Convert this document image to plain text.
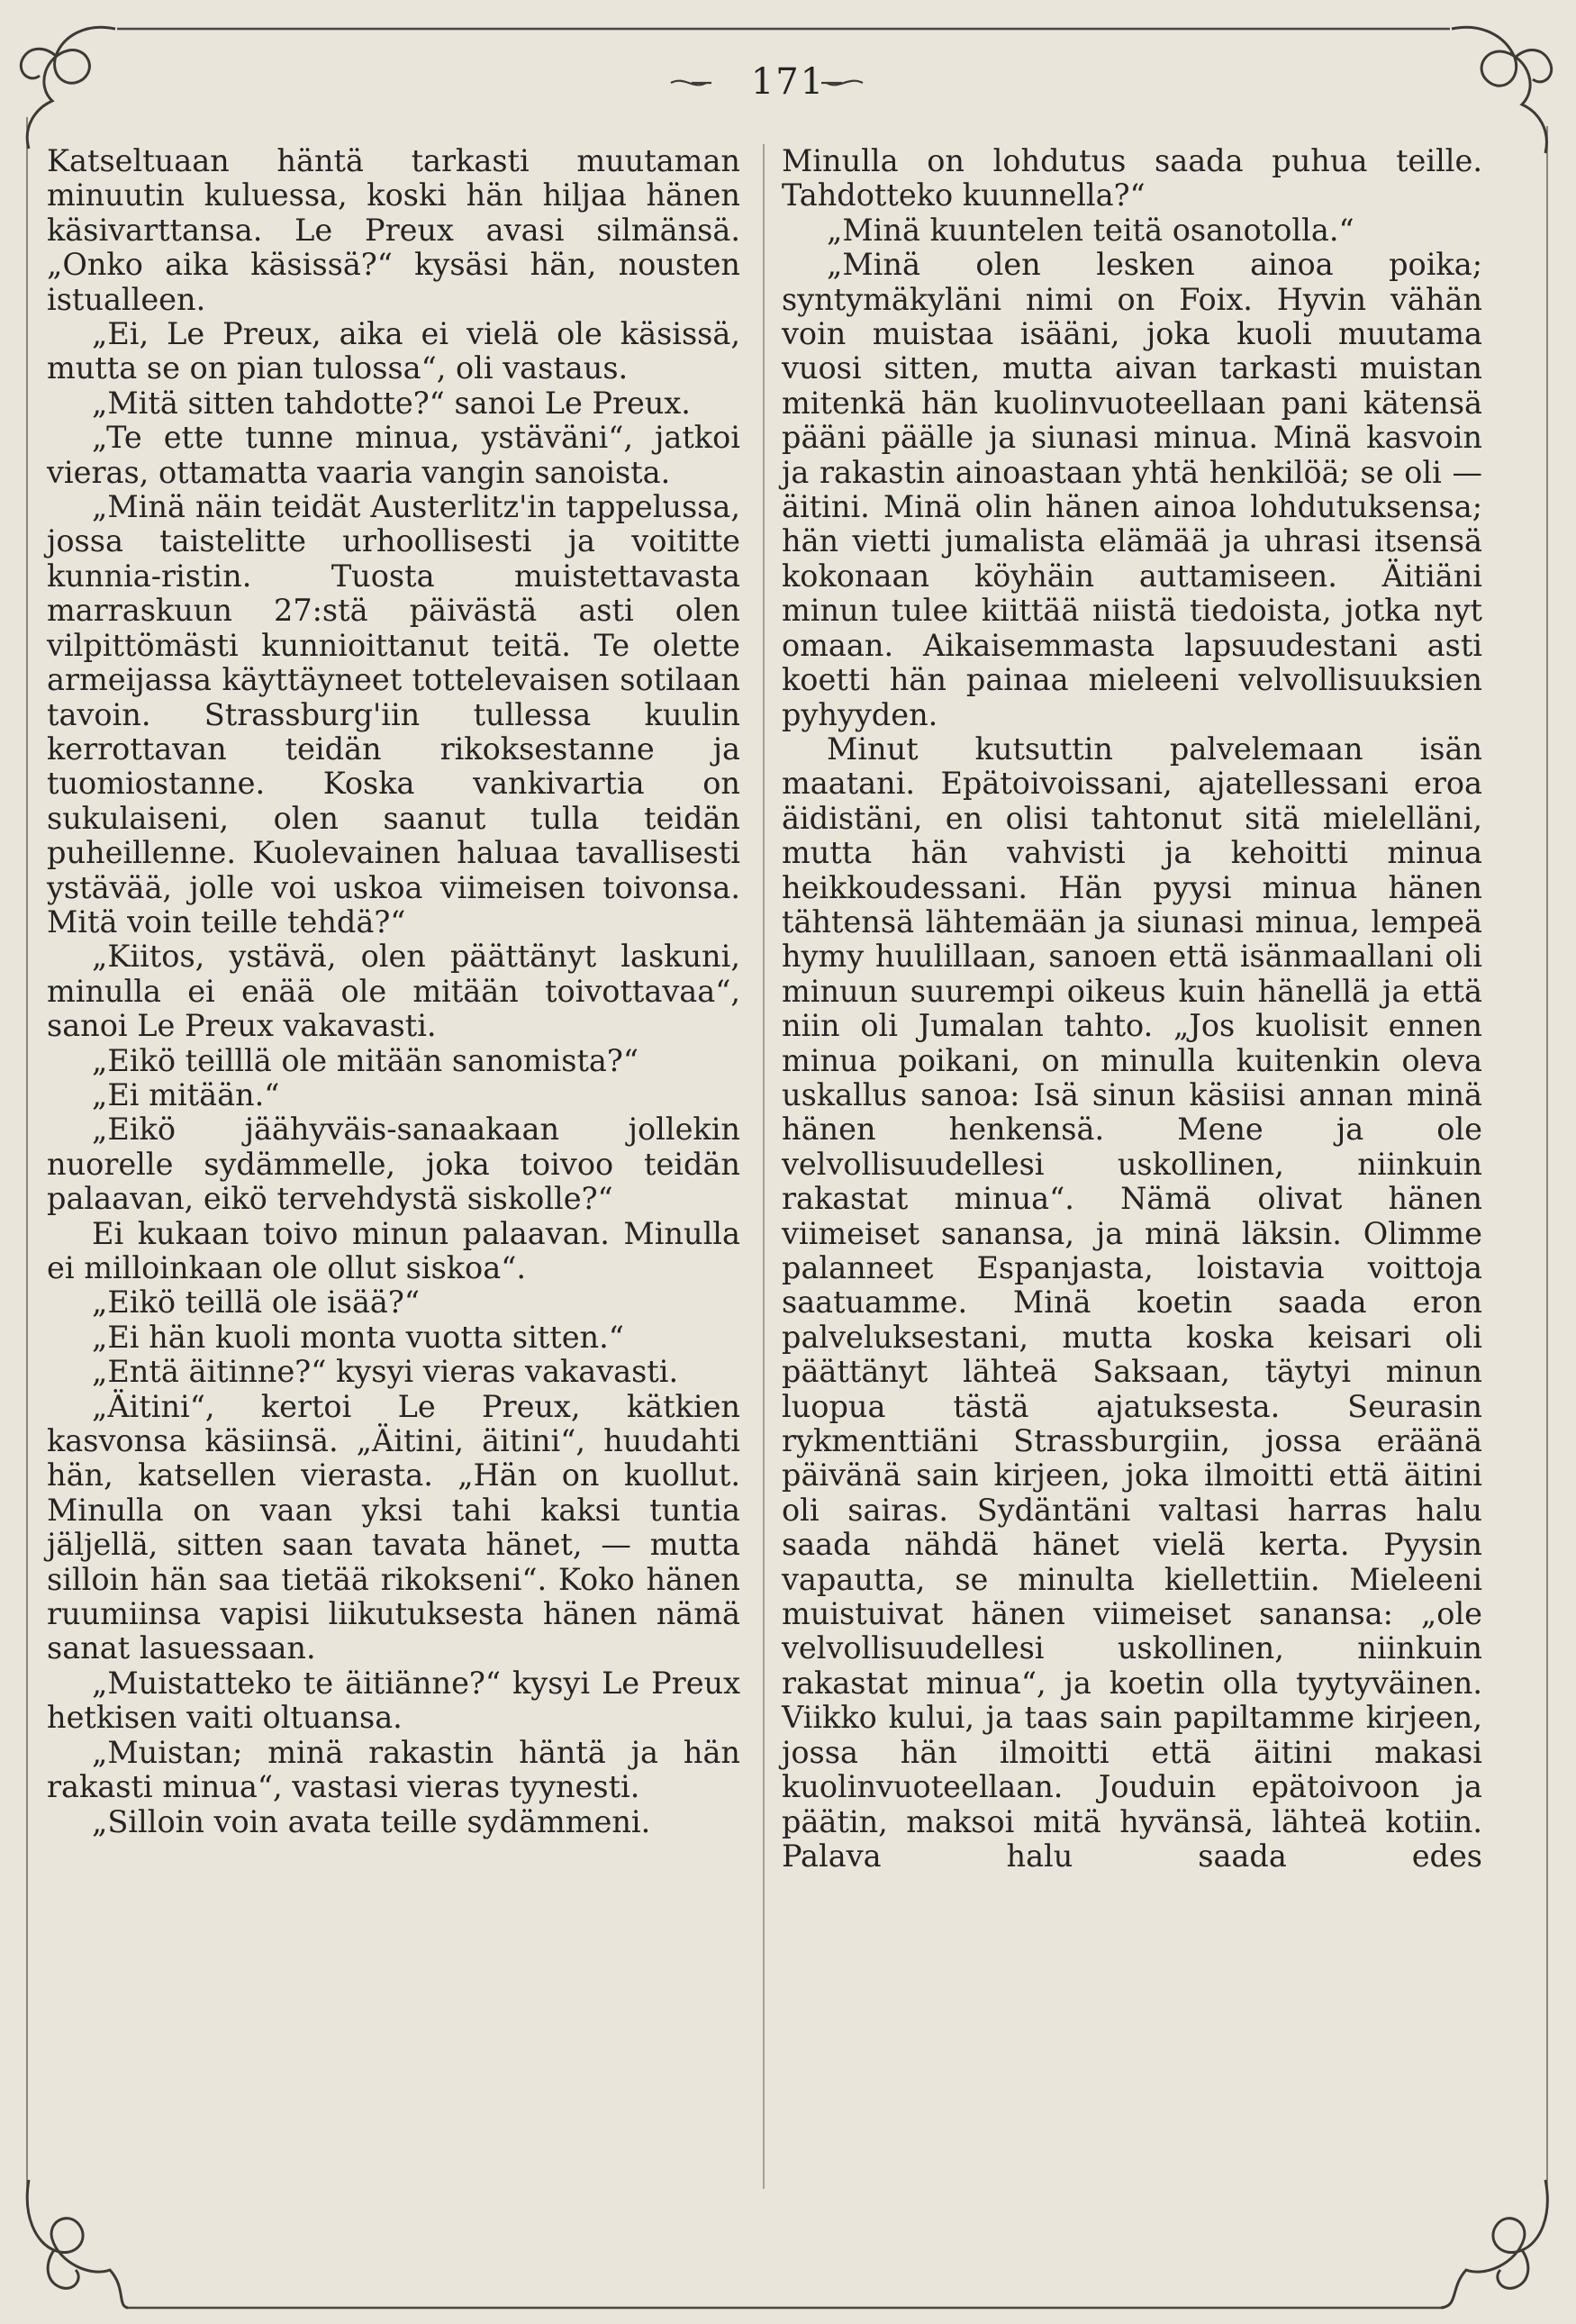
171

Katseltuaan häntä tarkasti muutaman minuutin kuluessa, koski hän hiljaa hänen käsivarttansa. Le Preux avasi silmänsä. „Onko aika käsissä?“ kysäsi hän, nousten istualleen.

„Ei, Le Preux, aika ei vielä ole käsissä, mutta se on pian tulossa“, oli vastaus.

„Mitä sitten tahdotte?“ sanoi Le Preux.

„Te ette tunne minua, ystäväni“, jatkoi vieras, ottamatta vaaria vangin sanoista.

„Minä näin teidät Austerlitz'in tappelussa, jossa taistelitte urhoollisesti ja voititte kunnia-ristin. Tuosta muistettavasta marraskuun 27:stä päivästä asti olen vilpittömästi kunnioittanut teitä. Te olette armeijassa käyttäyneet tottelevaisen sotilaan tavoin. Strassburg'iin tullessa kuulin kerrottavan teidän rikoksestanne ja tuomiostanne. Koska vankivartia on sukulaiseni, olen saanut tulla teidän puheillenne. Kuolevainen haluaa tavallisesti ystävää, jolle voi uskoa viimeisen toivonsa. Mitä voin teille tehdä?“

„Kiitos, ystävä, olen päättänyt laskuni, minulla ei enää ole mitään toivottavaa“, sanoi Le Preux vakavasti.

„Eikö teilllä ole mitään sanomista?“

„Ei mitään.“

„Eikö jäähyväis-sanaakaan jollekin nuorelle sydämmelle, joka toivoo teidän palaavan, eikö tervehdystä siskolle?“

Ei kukaan toivo minun palaavan. Minulla ei milloinkaan ole ollut siskoa“.

„Eikö teillä ole isää?“

„Ei hän kuoli monta vuotta sitten.“

„Entä äitinne?“ kysyi vieras vakavasti.

„Äitini“, kertoi Le Preux, kätkien kasvonsa käsiinsä. „Äitini, äitini“, huudahti hän, katsellen vierasta. „Hän on kuollut. Minulla on vaan yksi tahi kaksi tuntia jäljellä, sitten saan tavata hänet, — mutta silloin hän saa tietää rikokseni“. Koko hänen ruumiinsa vapisi liikutuksesta hänen nämä sanat lasuessaan.

„Muistatteko te äitiänne?“ kysyi Le Preux hetkisen vaiti oltuansa.

„Muistan; minä rakastin häntä ja hän rakasti minua“, vastasi vieras tyynesti.

„Silloin voin avata teille sydämmeni.

Minulla on lohdutus saada puhua teille. Tahdotteko kuunnella?“

„Minä kuuntelen teitä osanotolla.“

„Minä olen lesken ainoa poika; syntymäkyläni nimi on Foix. Hyvin vähän voin muistaa isääni, joka kuoli muutama vuosi sitten, mutta aivan tarkasti muistan mitenkä hän kuolinvuoteellaan pani kätensä pääni päälle ja siunasi minua. Minä kasvoin ja rakastin ainoastaan yhtä henkilöä; se oli — äitini. Minä olin hänen ainoa lohdutuksensa; hän vietti jumalista elämää ja uhrasi itsensä kokonaan köyhäin auttamiseen. Äitiäni minun tulee kiittää niistä tiedoista, jotka nyt omaan. Aikaisemmasta lapsuudestani asti koetti hän painaa mieleeni velvollisuuksien pyhyyden.

Minut kutsuttin palvelemaan isän maatani. Epätoivoissani, ajatellessani eroa äidistäni, en olisi tahtonut sitä mielelläni, mutta hän vahvisti ja kehoitti minua heikkoudessani. Hän pyysi minua hänen tähtensä lähtemään ja siunasi minua, lempeä hymy huulillaan, sanoen että isänmaallani oli minuun suurempi oikeus kuin hänellä ja että niin oli Jumalan tahto. „Jos kuolisit ennen minua poikani, on minulla kuitenkin oleva uskallus sanoa: Isä sinun käsiisi annan minä hänen henkensä. Mene ja ole velvollisuudellesi uskollinen, niinkuin rakastat minua“. Nämä olivat hänen viimeiset sanansa, ja minä läksin. Olimme palanneet Espanjasta, loistavia voittoja saatuamme. Minä koetin saada eron palveluksestani, mutta koska keisari oli päättänyt lähteä Saksaan, täytyi minun luopua tästä ajatuksesta. Seurasin rykmenttiäni Strassburgiin, jossa eräänä päivänä sain kirjeen, joka ilmoitti että äitini oli sairas. Sydäntäni valtasi harras halu saada nähdä hänet vielä kerta. Pyysin vapautta, se minulta kiellettiin. Mieleeni muistuivat hänen viimeiset sanansa: „ole velvollisuudellesi uskollinen, niinkuin rakastat minua“, ja koetin olla tyytyväinen. Viikko kului, ja taas sain papiltamme kirjeen, jossa hän ilmoitti että äitini makasi kuolinvuoteellaan. Jouduin epätoivoon ja päätin, maksoi mitä hyvänsä, lähteä kotiin. Palava halu saada edes
